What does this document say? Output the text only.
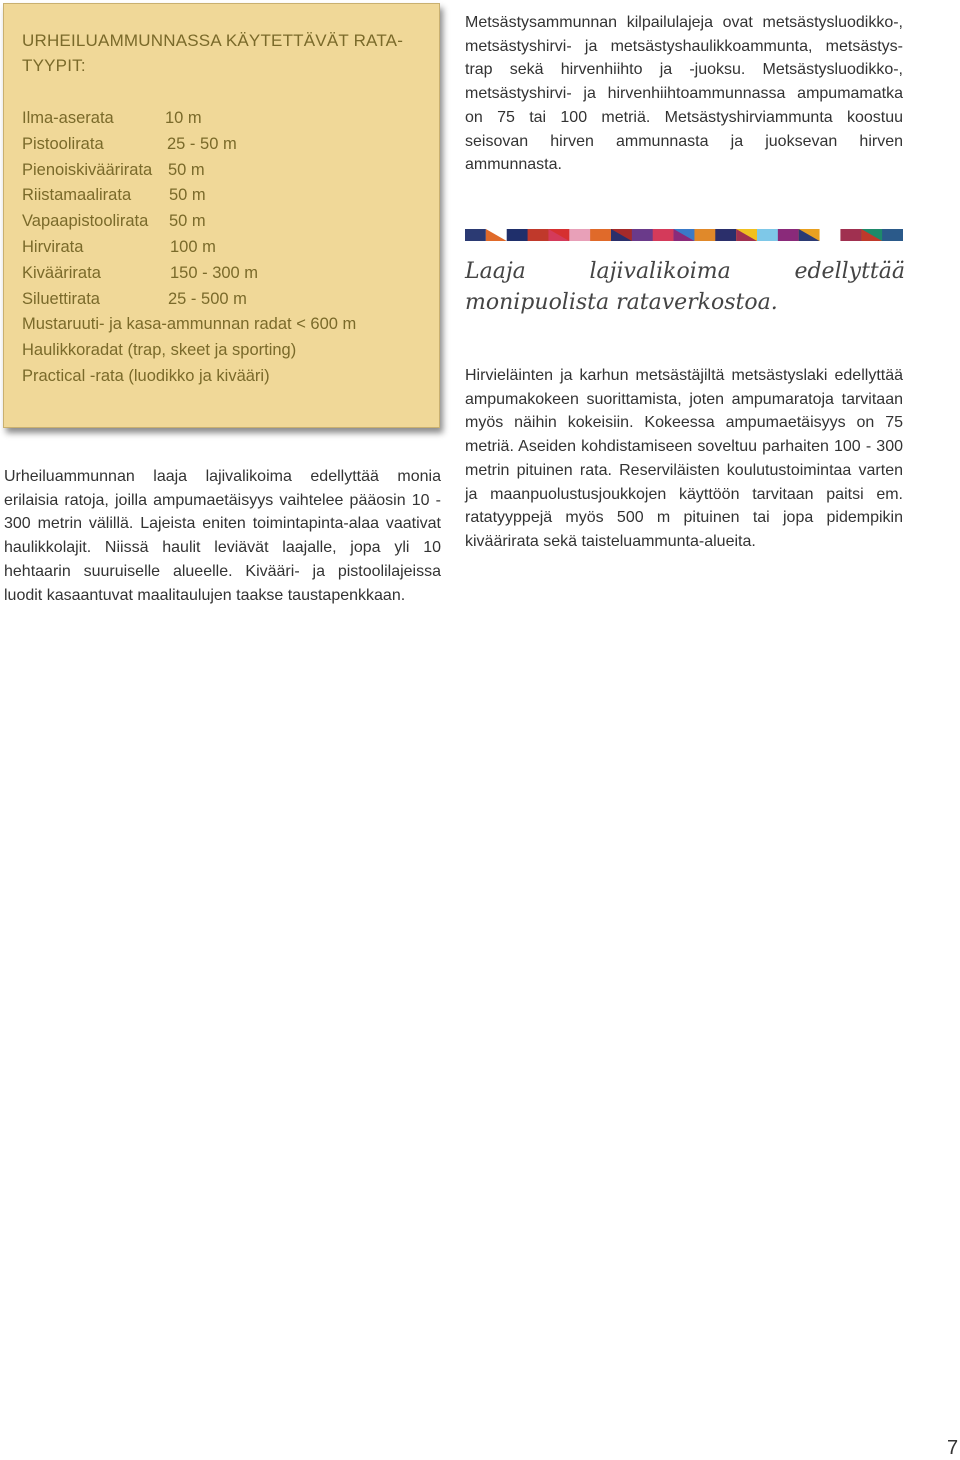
URHEILUAMMUNNASSA KÄYTETTÄVÄT RATA-TYYPIT:
Ilma-aserata	10 m
Pistoolirata	25 - 50 m
Pienoiskiväärirata 50 m
Riistamaalirata 50 m
Vapaapistoolirata 50 m
Hirvirata	100 m
Kiväärirata	150 - 300 m
Siluettirata	25 - 500 m
Mustaruuti- ja kasa-ammunnan radat < 600 m
Haulikkoradat (trap, skeet ja sporting)
Practical -rata (luodikko ja kivääri)
Urheiluammunnan laaja lajivalikoima edellyttää monia erilaisia ratoja, joilla ampumaetäisyys vaihtelee pääosin 10 - 300 metrin välillä. Lajeista eniten toimintapinta-alaa vaativat haulikkolajit. Niissä haulit leviävät laajalle, jopa yli 10 hehtaarin suuruiselle alueelle. Kivääri- ja pistoolilajeissa luodit kasaantuvat maalitaulujen taakse taustapenkkaan.
Metsästysammunnan kilpailulajeja ovat metsästysluodikko-, metsästyshirvi- ja metsästyshaulikkoammunta, metsästys-trap sekä hirvenhiihto ja -juoksu. Metsästysluodikko-, metsästyshirvi- ja hirvenhiihtoammunnassa ampumamatka on 75 tai 100 metriä. Metsästyshirviammunta koostuu seisovan hirven ammunnasta ja juoksevan hirven ammunnasta.
Laaja lajivalikoima edellyttää monipuolista rataverkostoa.
Hirvieläinten ja karhun metsästäjiltä metsästyslaki edellyttää ampumakokeen suorittamista, joten ampumaratoja tarvitaan myös näihin kokeisiin. Kokeessa ampumaetäisyys on 75 metriä. Aseiden kohdistamiseen soveltuu parhaiten 100 - 300 metrin pituinen rata. Reserviläisten koulutustoimintaa varten ja maanpuolustusjoukkojen käyttöön tarvitaan paitsi em. ratatyyppejä myös 500 m pituinen tai jopa pidempikin kiväärirata sekä taisteluammunta-alueita.
7
